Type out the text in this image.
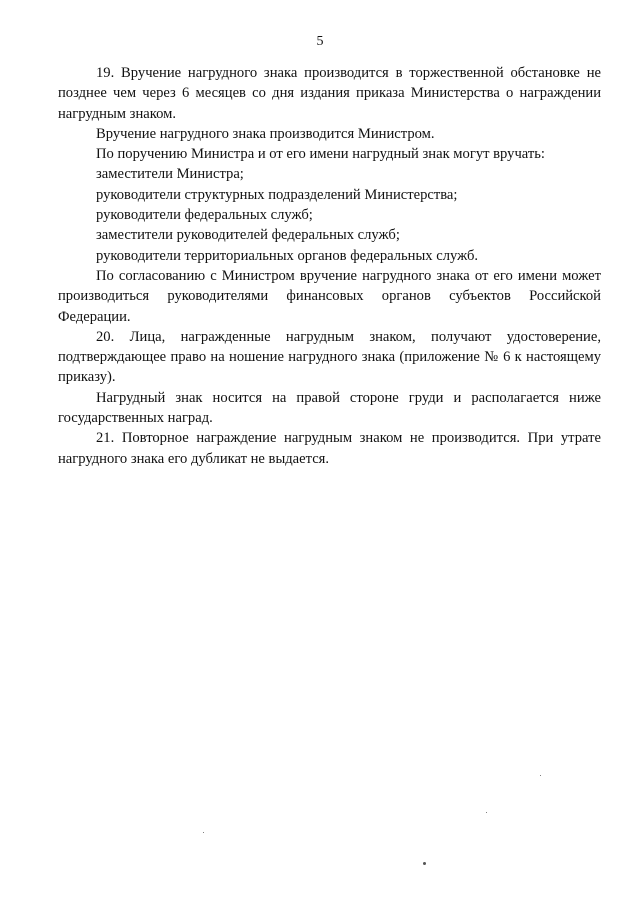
5

19. Вручение нагрудного знака производится в торжественной обстановке не позднее чем через 6 месяцев со дня издания приказа Министерства о награждении нагрудным знаком.

Вручение нагрудного знака производится Министром.

По поручению Министра и от его имени нагрудный знак могут вручать:

заместители Министра;

руководители структурных подразделений Министерства;

руководители федеральных служб;

заместители руководителей федеральных служб;

руководители территориальных органов федеральных служб.

По согласованию с Министром вручение нагрудного знака от его имени может производиться руководителями финансовых органов субъектов Российской Федерации.

20. Лица, награжденные нагрудным знаком, получают удостоверение, подтверждающее право на ношение нагрудного знака (приложение № 6 к настоящему приказу).

Нагрудный знак носится на правой стороне груди и располагается ниже государственных наград.

21. Повторное награждение нагрудным знаком не производится. При утрате нагрудного знака его дубликат не выдается.
